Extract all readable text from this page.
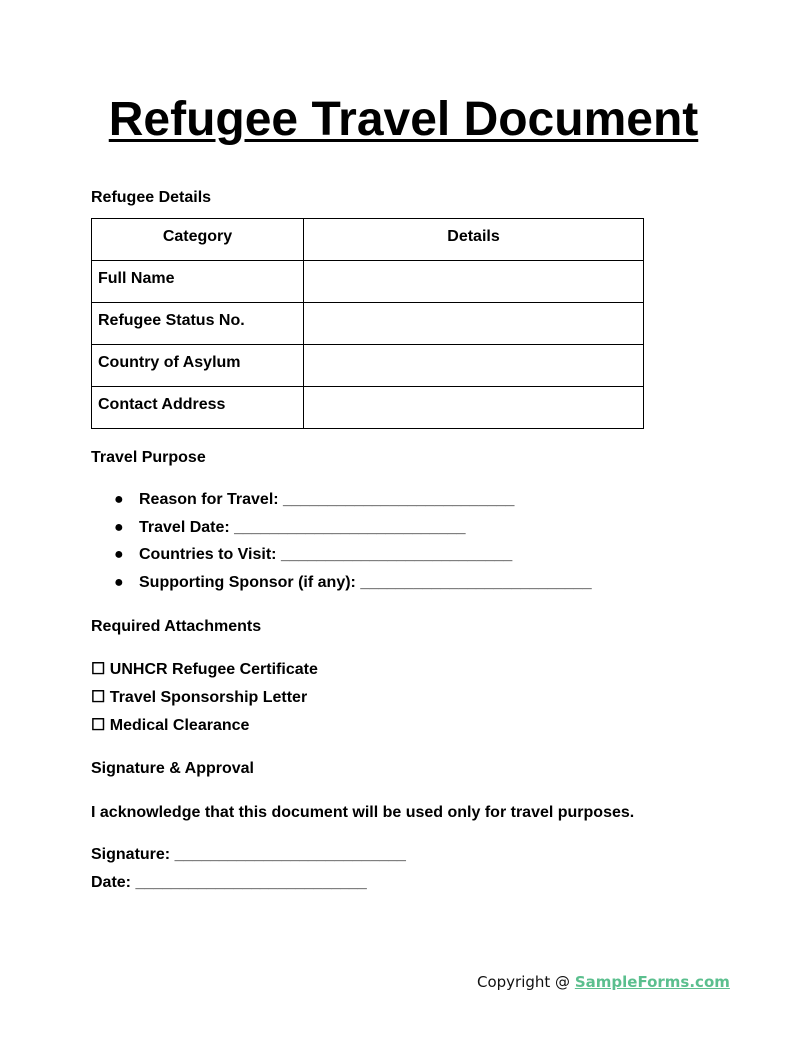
Refugee Travel Document
Refugee Details
Category	Details
Full Name	
Refugee Status No.	
Country of Asylum	
Contact Address	
Travel Purpose
● Reason for Travel: __________________________
● Travel Date: __________________________
● Countries to Visit: __________________________
● Supporting Sponsor (if any): __________________________
Required Attachments
☐ UNHCR Refugee Certificate
☐ Travel Sponsorship Letter
☐ Medical Clearance
Signature & Approval
I acknowledge that this document will be used only for travel purposes.
Signature: __________________________
Date: __________________________
Copyright @ SampleForms.com
